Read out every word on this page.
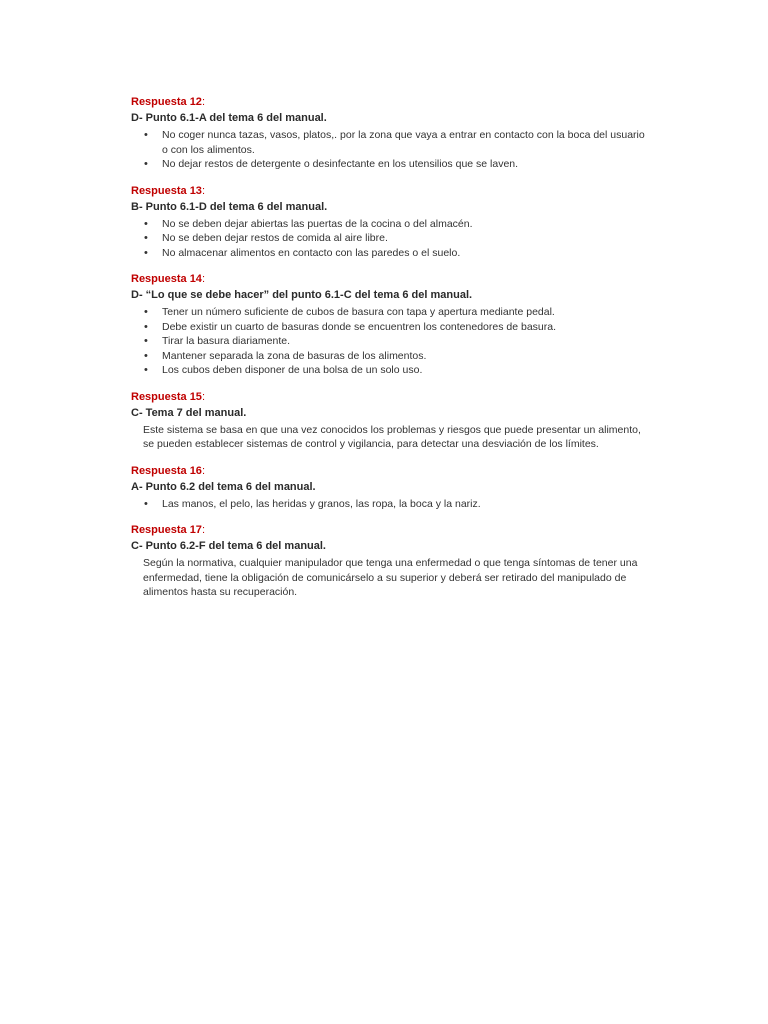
Respuesta 12:

D- Punto 6.1-A del tema 6 del manual.

• No coger nunca tazas, vasos, platos,. por la zona que vaya a entrar en contacto con la boca del usuario o con los alimentos.
• No dejar restos de detergente o desinfectante en los utensilios que se laven.

Respuesta 13:

B- Punto 6.1-D del tema 6 del manual.

• No se deben dejar abiertas las puertas de la cocina o del almacén.
• No se deben dejar restos de comida al aire libre.
• No almacenar alimentos en contacto con las paredes o el suelo.

Respuesta 14:

D- “Lo que se debe hacer” del punto 6.1-C del tema 6 del manual.

• Tener un número suficiente de cubos de basura con tapa y apertura mediante pedal.
• Debe existir un cuarto de basuras donde se encuentren los contenedores de basura.
• Tirar la basura diariamente.
• Mantener separada la zona de basuras de los alimentos.
• Los cubos deben disponer de una bolsa de un solo uso.

Respuesta 15:

C- Tema 7 del manual.

Este sistema se basa en que una vez conocidos los problemas y riesgos que puede presentar un alimento, se pueden establecer sistemas de control y vigilancia, para detectar una desviación de los límites.

Respuesta 16:

A- Punto 6.2 del tema 6 del manual.

• Las manos, el pelo, las heridas y granos, las ropa, la boca y la nariz.

Respuesta 17:

C- Punto 6.2-F del tema 6 del manual.

Según la normativa, cualquier manipulador que tenga una enfermedad o que tenga síntomas de tener una enfermedad, tiene la obligación de comunicárselo a su superior y deberá ser retirado del manipulado de alimentos hasta su recuperación.
